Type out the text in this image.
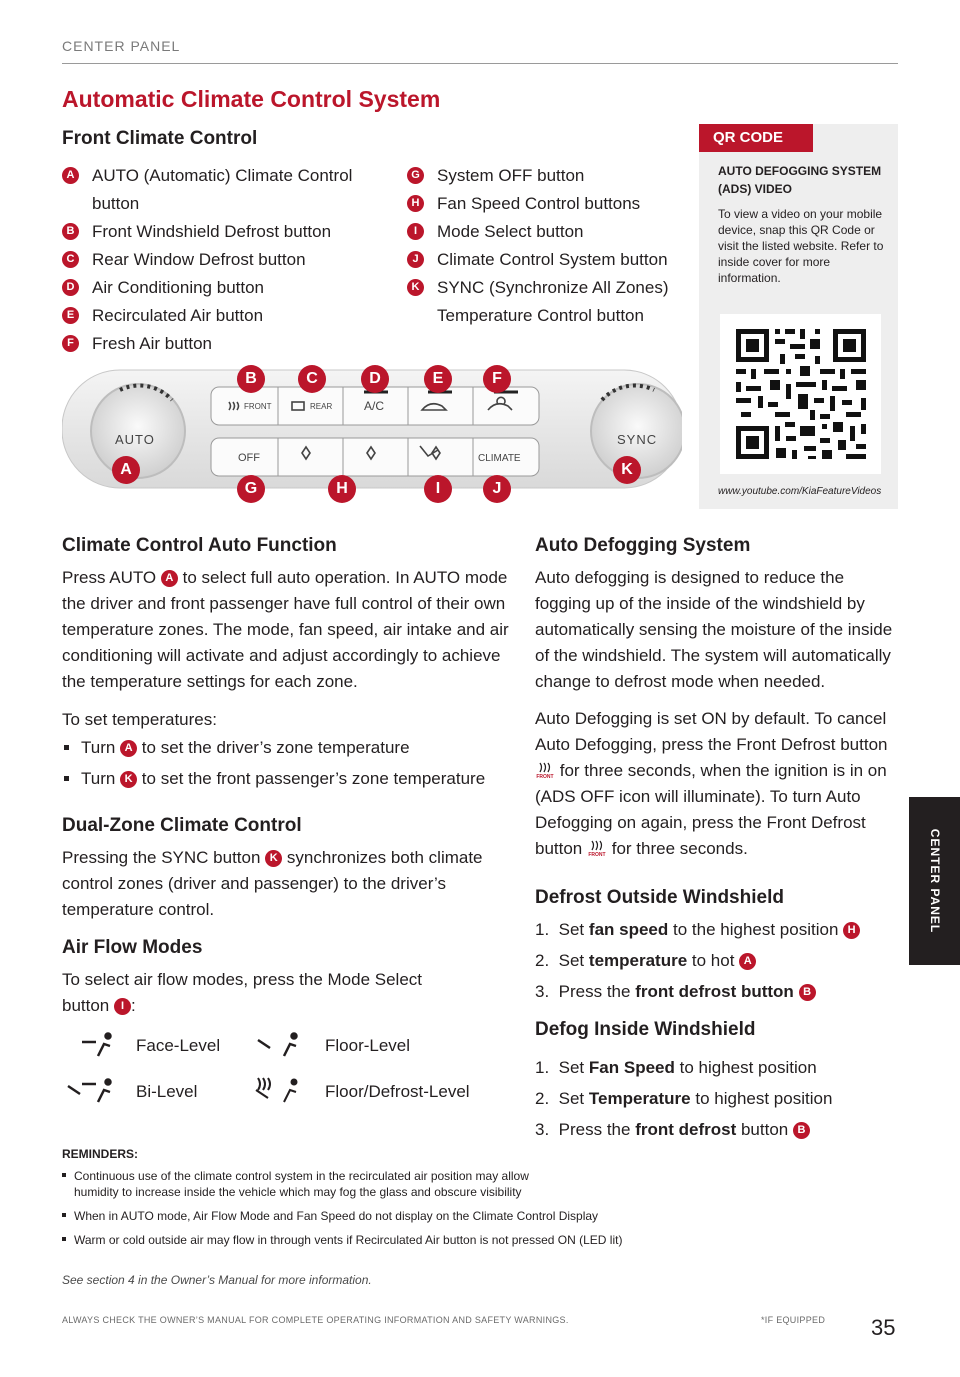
CENTER PANEL
Automatic Climate Control System
Front Climate Control
A AUTO (Automatic) Climate Control button
B Front Windshield Defrost button
C Rear Window Defrost button
D Air Conditioning button
E Recirculated Air button
F	Fresh Air button
G System OFF button
H Fan Speed Control buttons
I	Mode Select button
J	Climate Control System button
K SYNC (Synchronize All Zones) Temperature Control button
QR CODE
AUTO DEFOGGING SYSTEM (ADS) VIDEO
To view a video on your mobile device, snap this QR Code or visit the listed website. Refer to inside cover for more information.
www.youtube.com/KiaFeatureVideos
AUTO	SYNC
FRONT	REAR	A/C
OFF	CLIMATE
B	C	D	E	F
A	K
G	H	I	J
Climate Control Auto Function
Press AUTO A to select full auto operation. In AUTO mode the driver and front passenger have full control of their own temperature zones. The mode, fan speed, air intake and air conditioning will activate and adjust accordingly to achieve the temperature settings for each zone.
To set temperatures:
Turn A to set the driver’s zone temperature
Turn K to set the front passenger’s zone temperature
Dual-Zone Climate Control
Pressing the SYNC button K synchronizes both climate control zones (driver and passenger) to the driver’s temperature control.
Air Flow Modes
To select air flow modes, press the Mode Select button I :
Face-Level	Floor-Level
Bi-Level	Floor/Defrost-Level
Auto Defogging System
Auto defogging is designed to reduce the fogging up of the inside of the windshield by automatically sensing the moisture of the inside of the windshield. The system will automatically change to defrost mode when needed.
Auto Defogging is set ON by default. To cancel Auto Defogging, press the Front Defrost button
FRONT for three seconds, when the ignition is in on (ADS OFF icon will illuminate). To turn Auto Defogging on again, press the Front Defrost button FRONT for three seconds.
Defrost Outside Windshield
1. Set fan speed to the highest position H
2. Set temperature to hot A
3. Press the front defrost button B
Defog Inside Windshield
1. Set Fan Speed to highest position
2. Set Temperature to highest position
3. Press the front defrost button B
REMINDERS:
Continuous use of the climate control system in the recirculated air position may allow humidity to increase inside the vehicle which may fog the glass and obscure visibility
When in AUTO mode, Air Flow Mode and Fan Speed do not display on the Climate Control Display
Warm or cold outside air may flow in through vents if Recirculated Air button is not pressed ON (LED lit)
See section 4 in the Owner’s Manual for more information.
ALWAYS CHECK THE OWNER’S MANUAL FOR COMPLETE OPERATING INFORMATION AND SAFETY WARNINGS.	*IF EQUIPPED 35
CENTER PANEL
